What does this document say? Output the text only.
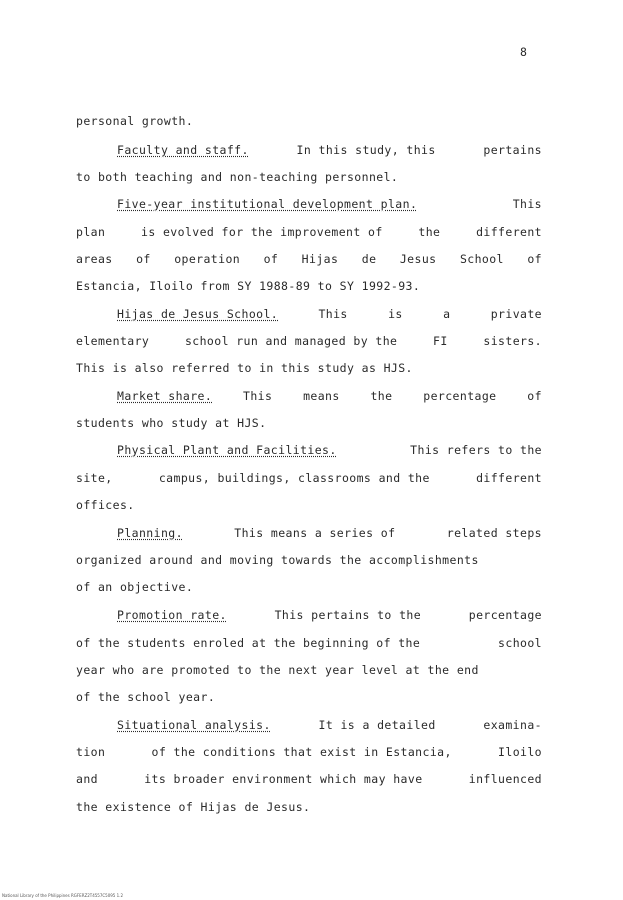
8
personal growth.
Faculty and staff.	In this study, this	pertains
to both teaching and non-teaching personnel.
Five-year institutional development plan.	This
plan	is evolved for the improvement of	the	different
areas of operation of Hijas de Jesus School of
Estancia, Iloilo from SY 1988-89 to SY 1992-93.
Hijas de Jesus School.	This	is	a	private
elementary	school run and managed by the	FI	sisters.
This is also referred to in this study as HJS.
Market share.	This	means	the	percentage	of
students who study at HJS.
Physical Plant and Facilities.	This refers to the
site,	campus, buildings, classrooms and the	different
offices.
Planning.	This means a series of	related steps
organized around and moving towards the accomplishments
of an objective.
Promotion rate.	This pertains to the	percentage
of the students enroled at the beginning of the	school
year who are promoted to the next year level at the end
of the school year.
Situational analysis.	It is a detailed	examina-
tion	of the conditions that exist in Estancia,	Iloilo
and	its broader environment which may have	influenced
the existence of Hijas de Jesus.
National Library of the Philippines RGFERZ2T4557C5095 1.2
